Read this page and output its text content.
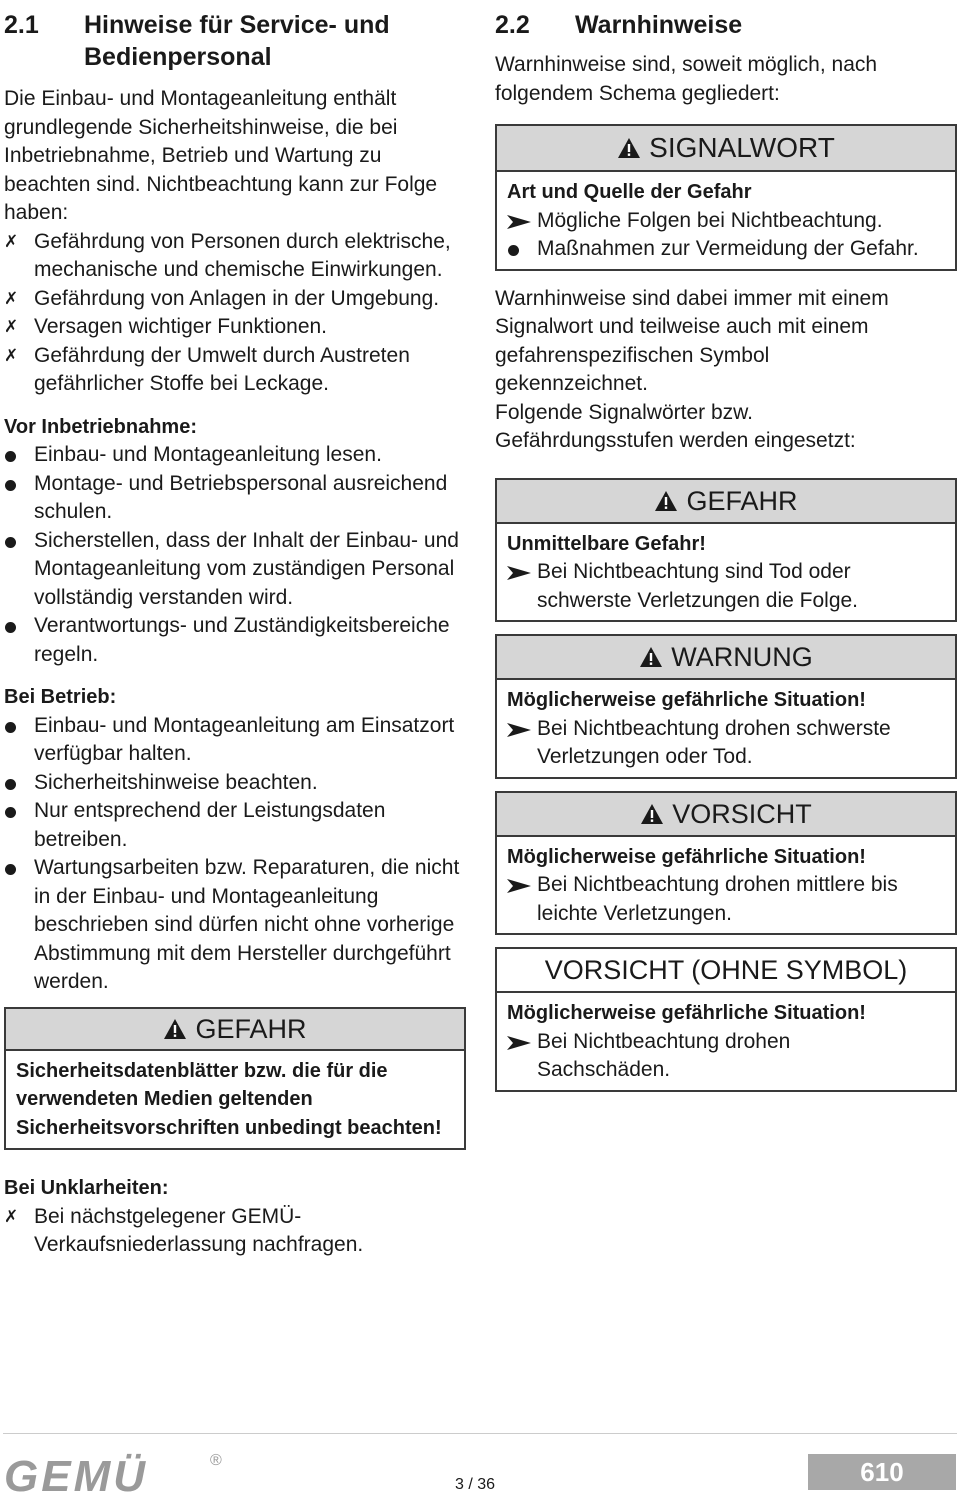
2.1	Hinweise für Service- und Bedienpersonal

Die Einbau- und Montageanleitung enthält grundlegende Sicherheitshinweise, die bei Inbetriebnahme, Betrieb und Wartung zu beachten sind. Nichtbeachtung kann zur Folge haben:

✗ Gefährdung von Personen durch elektrische, mechanische und chemische Einwirkungen.
✗ Gefährdung von Anlagen in der Umgebung.
✗ Versagen wichtiger Funktionen.
✗ Gefährdung der Umwelt durch Austreten gefährlicher Stoffe bei Leckage.

Vor Inbetriebnahme:

Einbau- und Montageanleitung lesen.
Montage- und Betriebspersonal ausreichend schulen.
Sicherstellen, dass der Inhalt der Einbau- und Montageanleitung vom zuständigen Personal vollständig verstanden wird.
Verantwortungs- und Zuständigkeitsbereiche regeln.

Bei Betrieb:

Einbau- und Montageanleitung am Einsatzort verfügbar halten.
Sicherheitshinweise beachten.
Nur entsprechend der Leistungsdaten betreiben.
Wartungsarbeiten bzw. Reparaturen, die nicht in der Einbau- und Montageanleitung beschrieben sind dürfen nicht ohne vorherige Abstimmung mit dem Hersteller durchgeführt werden.
GEFAHR

Sicherheitsdatenblätter bzw. die für die verwendeten Medien geltenden Sicherheitsvorschriften unbedingt beachten!

Bei Unklarheiten:

✗ Bei nächstgelegener GEMÜ-Verkaufsniederlassung nachfragen.
2.2	Warnhinweise

Warnhinweise sind, soweit möglich, nach folgendem Schema gegliedert:

SIGNALWORT

Art und Quelle der Gefahr

Mögliche Folgen bei Nichtbeachtung.
Maßnahmen zur Vermeidung der Gefahr.

Warnhinweise sind dabei immer mit einem Signalwort und teilweise auch mit einem gefahrenspezifischen Symbol gekennzeichnet.

Folgende Signalwörter bzw. Gefährdungsstufen werden eingesetzt:

GEFAHR

Unmittelbare Gefahr!

Bei Nichtbeachtung sind Tod oder schwerste Verletzungen die Folge.
WARNUNG

Möglicherweise gefährliche Situation!

Bei Nichtbeachtung drohen schwerste Verletzungen oder Tod.
VORSICHT

Möglicherweise gefährliche Situation!

Bei Nichtbeachtung drohen mittlere bis leichte Verletzungen.
VORSICHT (OHNE SYMBOL)

Möglicherweise gefährliche Situation!

Bei Nichtbeachtung drohen Sachschäden.
GEMÜ	®
3 / 36	610
